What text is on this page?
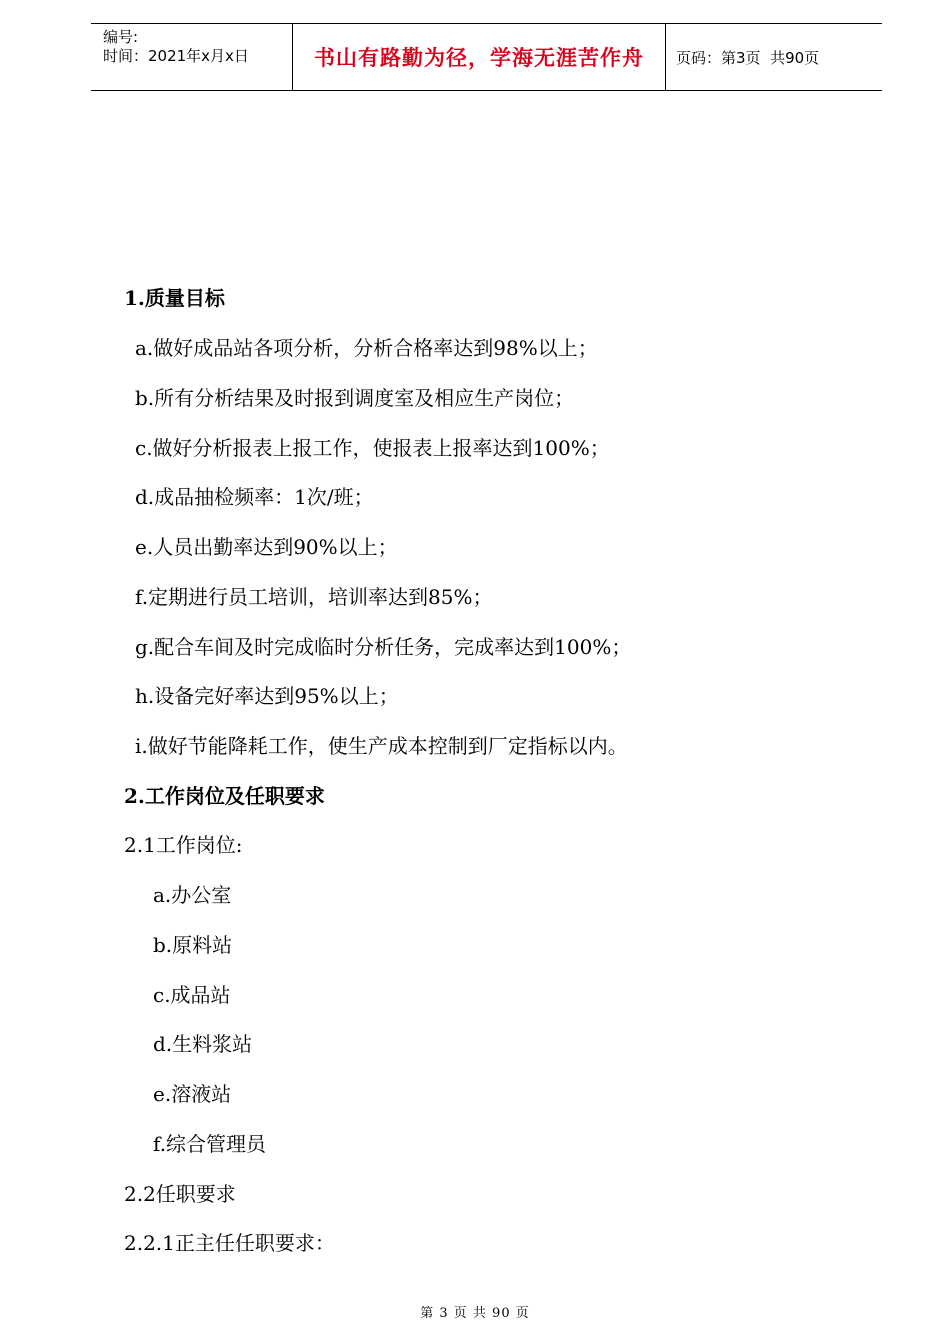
编号:
时间：2021年x月x日	书山有路勤为径，学海无涯苦作舟 页码：第3页  共90页
1.质量目标
a.做好成品站各项分析，分析合格率达到98%以上；
b.所有分析结果及时报到调度室及相应生产岗位；
c.做好分析报表上报工作，使报表上报率达到100%；
d.成品抽检频率：1次/班；
e.人员出勤率达到90%以上；
f.定期进行员工培训，培训率达到85%；
g.配合车间及时完成临时分析任务，完成率达到100%；
h.设备完好率达到95%以上；
i.做好节能降耗工作，使生产成本控制到厂定指标以内。
2.工作岗位及任职要求
2.1工作岗位:
a.办公室
b.原料站
c.成品站
d.生料浆站
e.溶液站
f.综合管理员
2.2任职要求
2.2.1正主任任职要求：
第 3 页 共 90 页
